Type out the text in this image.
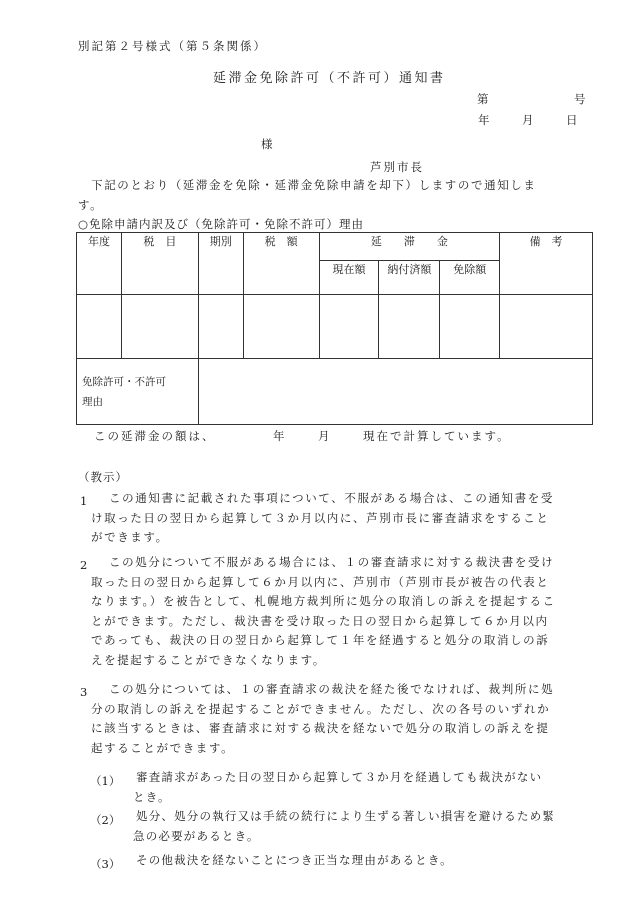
別記第２号様式（第５条関係）
延滞金免除許可（不許可）通知書
第	号
年	月	日
様
芦別市長
　下記のとおり（延滞金を免除・延滞金免除申請を却下）しますので通知しま
す。
○免除申請内訳及び（免除許可・免除不許可）理由
年度	税　目	期別	税　額	延　　滞　　金			備　考
				現在額	納付済額	免除額	

免除許可・不許可
理由							

この延滞金の額は、	年	月	現在で計算しています。
（教示）
1	この通知書に記載された事項について、不服がある場合は、この通知書を受
け取った日の翌日から起算して３か月以内に、芦別市長に審査請求をすること
ができます。
2	この処分について不服がある場合には、１の審査請求に対する裁決書を受け
取った日の翌日から起算して６か月以内に、芦別市（芦別市長が被告の代表と
なります。）を被告として、札幌地方裁判所に処分の取消しの訴えを提起するこ
とができます。ただし、裁決書を受け取った日の翌日から起算して６か月以内
であっても、裁決の日の翌日から起算して１年を経過すると処分の取消しの訴
えを提起することができなくなります。
3	この処分については、１の審査請求の裁決を経た後でなければ、裁判所に処
分の取消しの訴えを提起することができません。ただし、次の各号のいずれか
に該当するときは、審査請求に対する裁決を経ないで処分の取消しの訴えを提
起することができます。
（1） 審査請求があった日の翌日から起算して３か月を経過しても裁決がない
とき。
（2） 処分、処分の執行又は手続の続行により生ずる著しい損害を避けるため緊
急の必要があるとき。
（3） その他裁決を経ないことにつき正当な理由があるとき。
